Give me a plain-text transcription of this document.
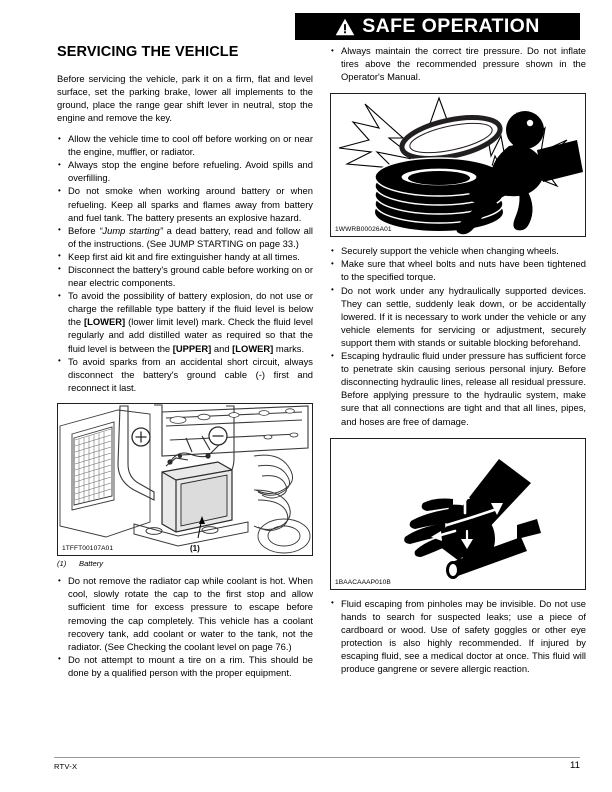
SAFE OPERATION
SERVICING THE VEHICLE

Before servicing the vehicle, park it on a firm, flat and level surface, set the parking brake, lower all implements to the ground, place the range gear shift lever in neutral, stop the engine and remove the key.

• Allow the vehicle time to cool off before working on or near the engine, muffler, or radiator.
• Always stop the engine before refueling. Avoid spills and overfilling.
• Do not smoke when working around battery or when refueling. Keep all sparks and flames away from battery and fuel tank. The battery presents an explosive hazard.
• Before “Jump starting” a dead battery, read and follow all of the instructions. (See JUMP STARTING on page 33.)
• Keep first aid kit and fire extinguisher handy at all times.
• Disconnect the battery's ground cable before working on or near electric components.
• To avoid the possibility of battery explosion, do not use or charge the refillable type battery if the fluid level is below the [LOWER] (lower limit level) mark. Check the fluid level regularly and add distilled water as required so that the fluid level is between the [UPPER] and [LOWER] marks.
• To avoid sparks from an accidental short circuit, always disconnect the battery's ground cable (-) first and reconnect it last.
(1)
1TFFT00107A01
(1)	Battery
• Do not remove the radiator cap while coolant is hot. When cool, slowly rotate the cap to the first stop and allow sufficient time for excess pressure to escape before removing the cap completely. This vehicle has a coolant recovery tank, add coolant or water to the tank, not the radiator. (See Checking the coolant level on page 76.)
• Do not attempt to mount a tire on a rim. This should be done by a qualified person with the proper equipment.
• Always maintain the correct tire pressure. Do not inflate tires above the recommended pressure shown in the Operator's Manual.
1WWRB00026A01
• Securely support the vehicle when changing wheels.
• Make sure that wheel bolts and nuts have been tightened to the specified torque.
• Do not work under any hydraulically supported devices. They can settle, suddenly leak down, or be accidentally lowered. If it is necessary to work under the vehicle or any vehicle elements for servicing or adjustment, securely support them with stands or suitable blocking beforehand.
• Escaping hydraulic fluid under pressure has sufficient force to penetrate skin causing serious personal injury. Before disconnecting hydraulic lines, release all residual pressure. Before applying pressure to the hydraulic system, make sure that all connections are tight and that all lines, pipes, and hoses are free of damage.
1BAACAAAP010B
• Fluid escaping from pinholes may be invisible. Do not use hands to search for suspected leaks; use a piece of cardboard or wood. Use of safety goggles or other eye protection is also highly recommended. If injured by escaping fluid, see a medical doctor at once. This fluid will produce gangrene or severe allergic reaction.
RTV-X	11
